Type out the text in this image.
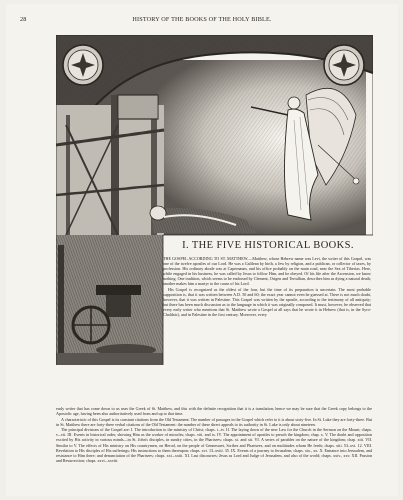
28	HISTORY OF THE BOOKS OF THE HOLY BIBLE.
I. THE FIVE HISTORICAL BOOKS.

THE GOSPEL ACCORDING TO ST. MATTHEW.—Matthew, whose Hebrew name was Levi, the writer of this Gospel, was one of the twelve apostles of our Lord. He was a Galilean by birth, a Jew by religion, and a publican, or collector of taxes, by profession. His ordinary abode was at Capernaum, and his office probably on the main road, near the Sea of Tiberias. Here, while engaged in his business, he was called by Jesus to follow Him, and he obeyed. Of his life after the Ascension, we know nothing. One tradition, which seems to be endorsed by Clement, Origen and Tertullian, describes him as dying a natural death; another makes him a martyr to the cause of his Lord.

His Gospel is recognized as the oldest of the four, but the time of its preparation is uncertain. The most probable supposition is, that it was written between A.D. 50 and 60; the exact year cannot even be guessed at. There is not much doubt, however, that it was written in Palestine. This Gospel was written by the apostle, according to the testimony of all antiquity; but there has been much discussion as to the language in which it was originally composed. It must, however, be observed that every early writer who mentions that St. Matthew wrote a Gospel at all says that he wrote it in Hebrew (that is, in the Syro-Chaldaic), and in Palestine in the first century. Moreover, every

early writer that has come down to us uses the Greek of St. Matthew, and this with the definite recognition that it is a translation; hence we may be sure that the Greek copy belongs to the Apostolic age, having been also authoritatively used from and up to that time.

A characteristic of this Gospel is its constant citations from the Old Testament. The number of passages in the Gospel which refer to it is about sixty-five. In St. Luke they are forty-three. But in St. Matthew there are forty-three verbal citations of the Old Testament: the number of these direct appeals to its authority in St. Luke is only about nineteen.

The principal divisions of the Gospel are: I. The introduction to the ministry of Christ; chaps. i.–iv. II. The laying down of the new Law for the Church in the Sermon on the Mount; chaps. v.–vii. III. Events in historical order, showing Him as the worker of miracles; chaps. viii. and ix. IV. The appointment of apostles to preach the kingdom; chap. x. V. The doubt and opposition excited by His activity in various minds—in St. John's disciples, in sundry cities, in the Pharisees; chaps. xi. and xii. VI. A series of parables on the nature of the kingdom; chap. xiii. VII. Similar to V. The effects of His ministry on His countrymen, on Herod, on the people of Gennesaret, Scribes and Pharisees, and on multitudes whom He feeds; chaps. xiii. 53–xvi. 12. VIII. Revelation to His disciples of His sufferings; His instructions to them thereupon; chaps. xvi. 13–xviii. 35. IX. Events of a journey to Jerusalem; chaps. xix., xx. X. Entrance into Jerusalem, and resistance to Him there; and denunciation of the Pharisees; chaps. xxi.–xxiii. XI. Last discourses; Jesus as Lord and Judge of Jerusalem, and also of the world; chaps. xxiv., xxv. XII. Passion and Resurrection; chaps. xxvi.–xxviii.
